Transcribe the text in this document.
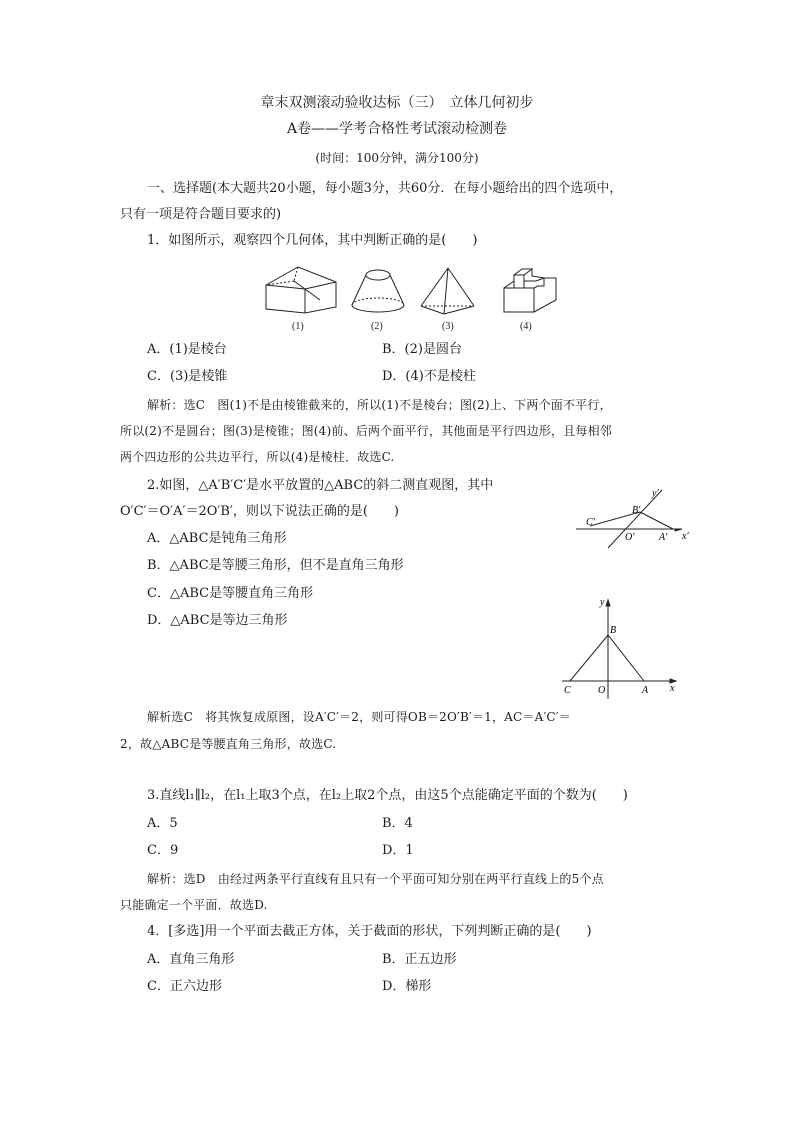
章末双测滚动验收达标（三）　立体几何初步
A卷——学考合格性考试滚动检测卷
(时间：100分钟，满分100分)
一、选择题(本大题共20小题，每小题3分，共60分．在每小题给出的四个选项中，
只有一项是符合题目要求的)
1．如图所示，观察四个几何体，其中判断正确的是(　　)
(1)	(2)	(3)	(4)
A．(1)是棱台	B．(2)是圆台
C．(3)是棱锥	D．(4)不是棱柱
解析：选C　图(1)不是由棱锥截来的，所以(1)不是棱台；图(2)上、下两个面不平行，
所以(2)不是圆台；图(3)是棱锥；图(4)前、后两个面平行，其他面是平行四边形，且每相邻
两个四边形的公共边平行，所以(4)是棱柱．故选C.
2.如图，△A′B′C′是水平放置的△ABC的斜二测直观图，其中
O′C′＝O′A′＝2O′B′，则以下说法正确的是(　　)
A．△ABC是钝角三角形
B．△ABC是等腰三角形，但不是直角三角形
C．△ABC是等腰直角三角形
D．△ABC是等边三角形
y′
B′
C′
O′ A′ x′
y
B
C	O	A x
解析选C　将其恢复成原图，设A′C′＝2，则可得OB＝2O′B′＝1，AC＝A′C′＝
2，故△ABC是等腰直角三角形，故选C.
3.直线l₁∥l₂，在l₁上取3个点，在l₂上取2个点，由这5个点能确定平面的个数为(　　)
A．5	B．4
C．9	D．1
解析：选D　由经过两条平行直线有且只有一个平面可知分别在两平行直线上的5个点
只能确定一个平面．故选D.
4．[多选]用一个平面去截正方体，关于截面的形状，下列判断正确的是(　　)
A．直角三角形	B．正五边形
C．正六边形	D．梯形
